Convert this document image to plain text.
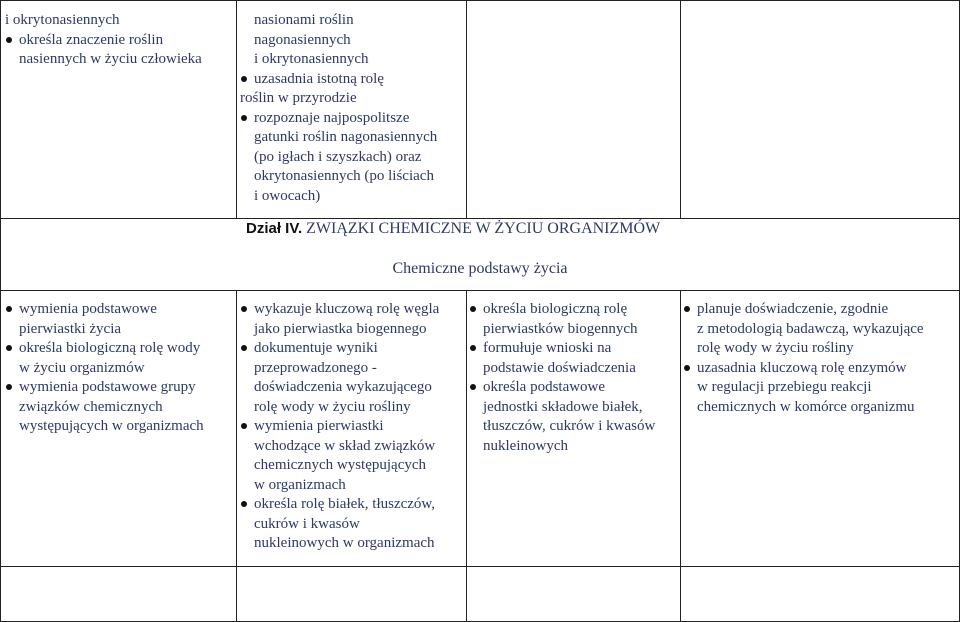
i okrytonasiennych
określa znaczenie roślin
nasiennych w życiu człowieka
nasionami roślin
nagonasiennych
i okrytonasiennych
uzasadnia istotną rolę
roślin w przyrodzie
rozpoznaje najpospolitsze
gatunki roślin nagonasiennych
(po igłach i szyszkach) oraz
okrytonasiennych (po liściach
i owocach)
Dział IV. ZWIĄZKI CHEMICZNE W ŻYCIU ORGANIZMÓW
Chemiczne podstawy życia
wymienia podstawowe
pierwiastki życia
określa biologiczną rolę wody
w życiu organizmów
wymienia podstawowe grupy
związków chemicznych
występujących w organizmach
wykazuje kluczową rolę węgla
jako pierwiastka biogennego
dokumentuje wyniki
przeprowadzonego -
doświadczenia wykazującego
rolę wody w życiu rośliny
wymienia pierwiastki
wchodzące w skład związków
chemicznych występujących
w organizmach
określa rolę białek, tłuszczów,
cukrów i kwasów
nukleinowych w organizmach
określa biologiczną rolę
pierwiastków biogennych
formułuje wnioski na
podstawie doświadczenia
określa podstawowe
jednostki składowe białek,
tłuszczów, cukrów i kwasów
nukleinowych
planuje doświadczenie, zgodnie
z metodologią badawczą, wykazujące
rolę wody w życiu rośliny
uzasadnia kluczową rolę enzymów
w regulacji przebiegu reakcji
chemicznych w komórce organizmu
